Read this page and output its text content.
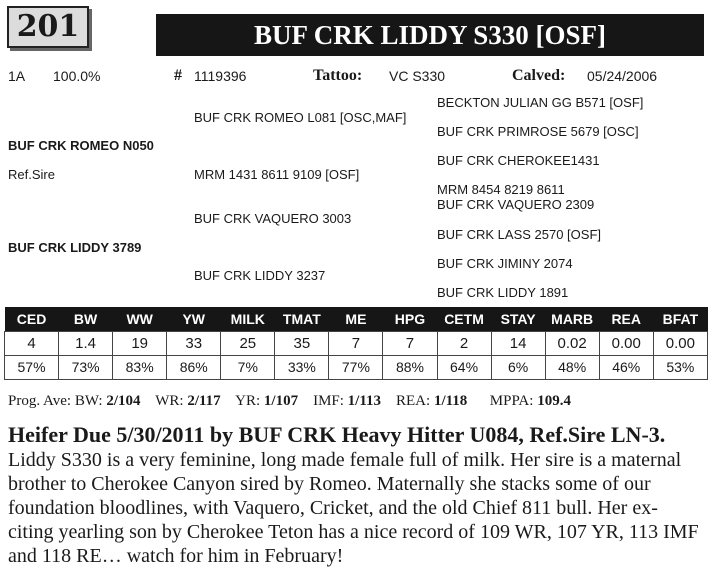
201	BUF CRK LIDDY S330 [OSF]
1A 100.0%	# 1119396	Tattoo: VC S330	Calved: 05/24/2006
BUF CRK ROMEO N050
Ref.Sire
BUF CRK LIDDY 3789
BUF CRK ROMEO L081 [OSC,MAF]
MRM 1431 8611 9109 [OSF]
BUF CRK VAQUERO 3003
BUF CRK LIDDY 3237
BECKTON JULIAN GG B571 [OSF]
BUF CRK PRIMROSE 5679 [OSC]
BUF CRK CHEROKEE1431
MRM 8454 8219 8611
BUF CRK VAQUERO 2309
BUF CRK LASS 2570 [OSF]
BUF CRK JIMINY 2074
BUF CRK LIDDY 1891
CED	BW	WW	YW	MILK	TMAT	ME	HPG	CETM	STAY	MARB	REA	BFAT
4	1.4	19	33	25	35	7	7	2	14	0.02	0.00	0.00
57%	73%	83%	86%	7%	33%	77%	88%	64%	6%	48%	46%	53%
Prog. Ave: BW: 2/104 WR: 2/117 YR: 1/107 IMF: 1/113 REA: 1/118 MPPA: 109.4
Heifer Due 5/30/2011 by BUF CRK Heavy Hitter U084, Ref.Sire LN-3.
Liddy S330 is a very feminine, long made female full of milk. Her sire is a maternal
brother to Cherokee Canyon sired by Romeo. Maternally she stacks some of our
foundation bloodlines, with Vaquero, Cricket, and the old Chief 811 bull. Her ex-
citing yearling son by Cherokee Teton has a nice record of 109 WR, 107 YR, 113 IMF
and 118 RE… watch for him in February!
